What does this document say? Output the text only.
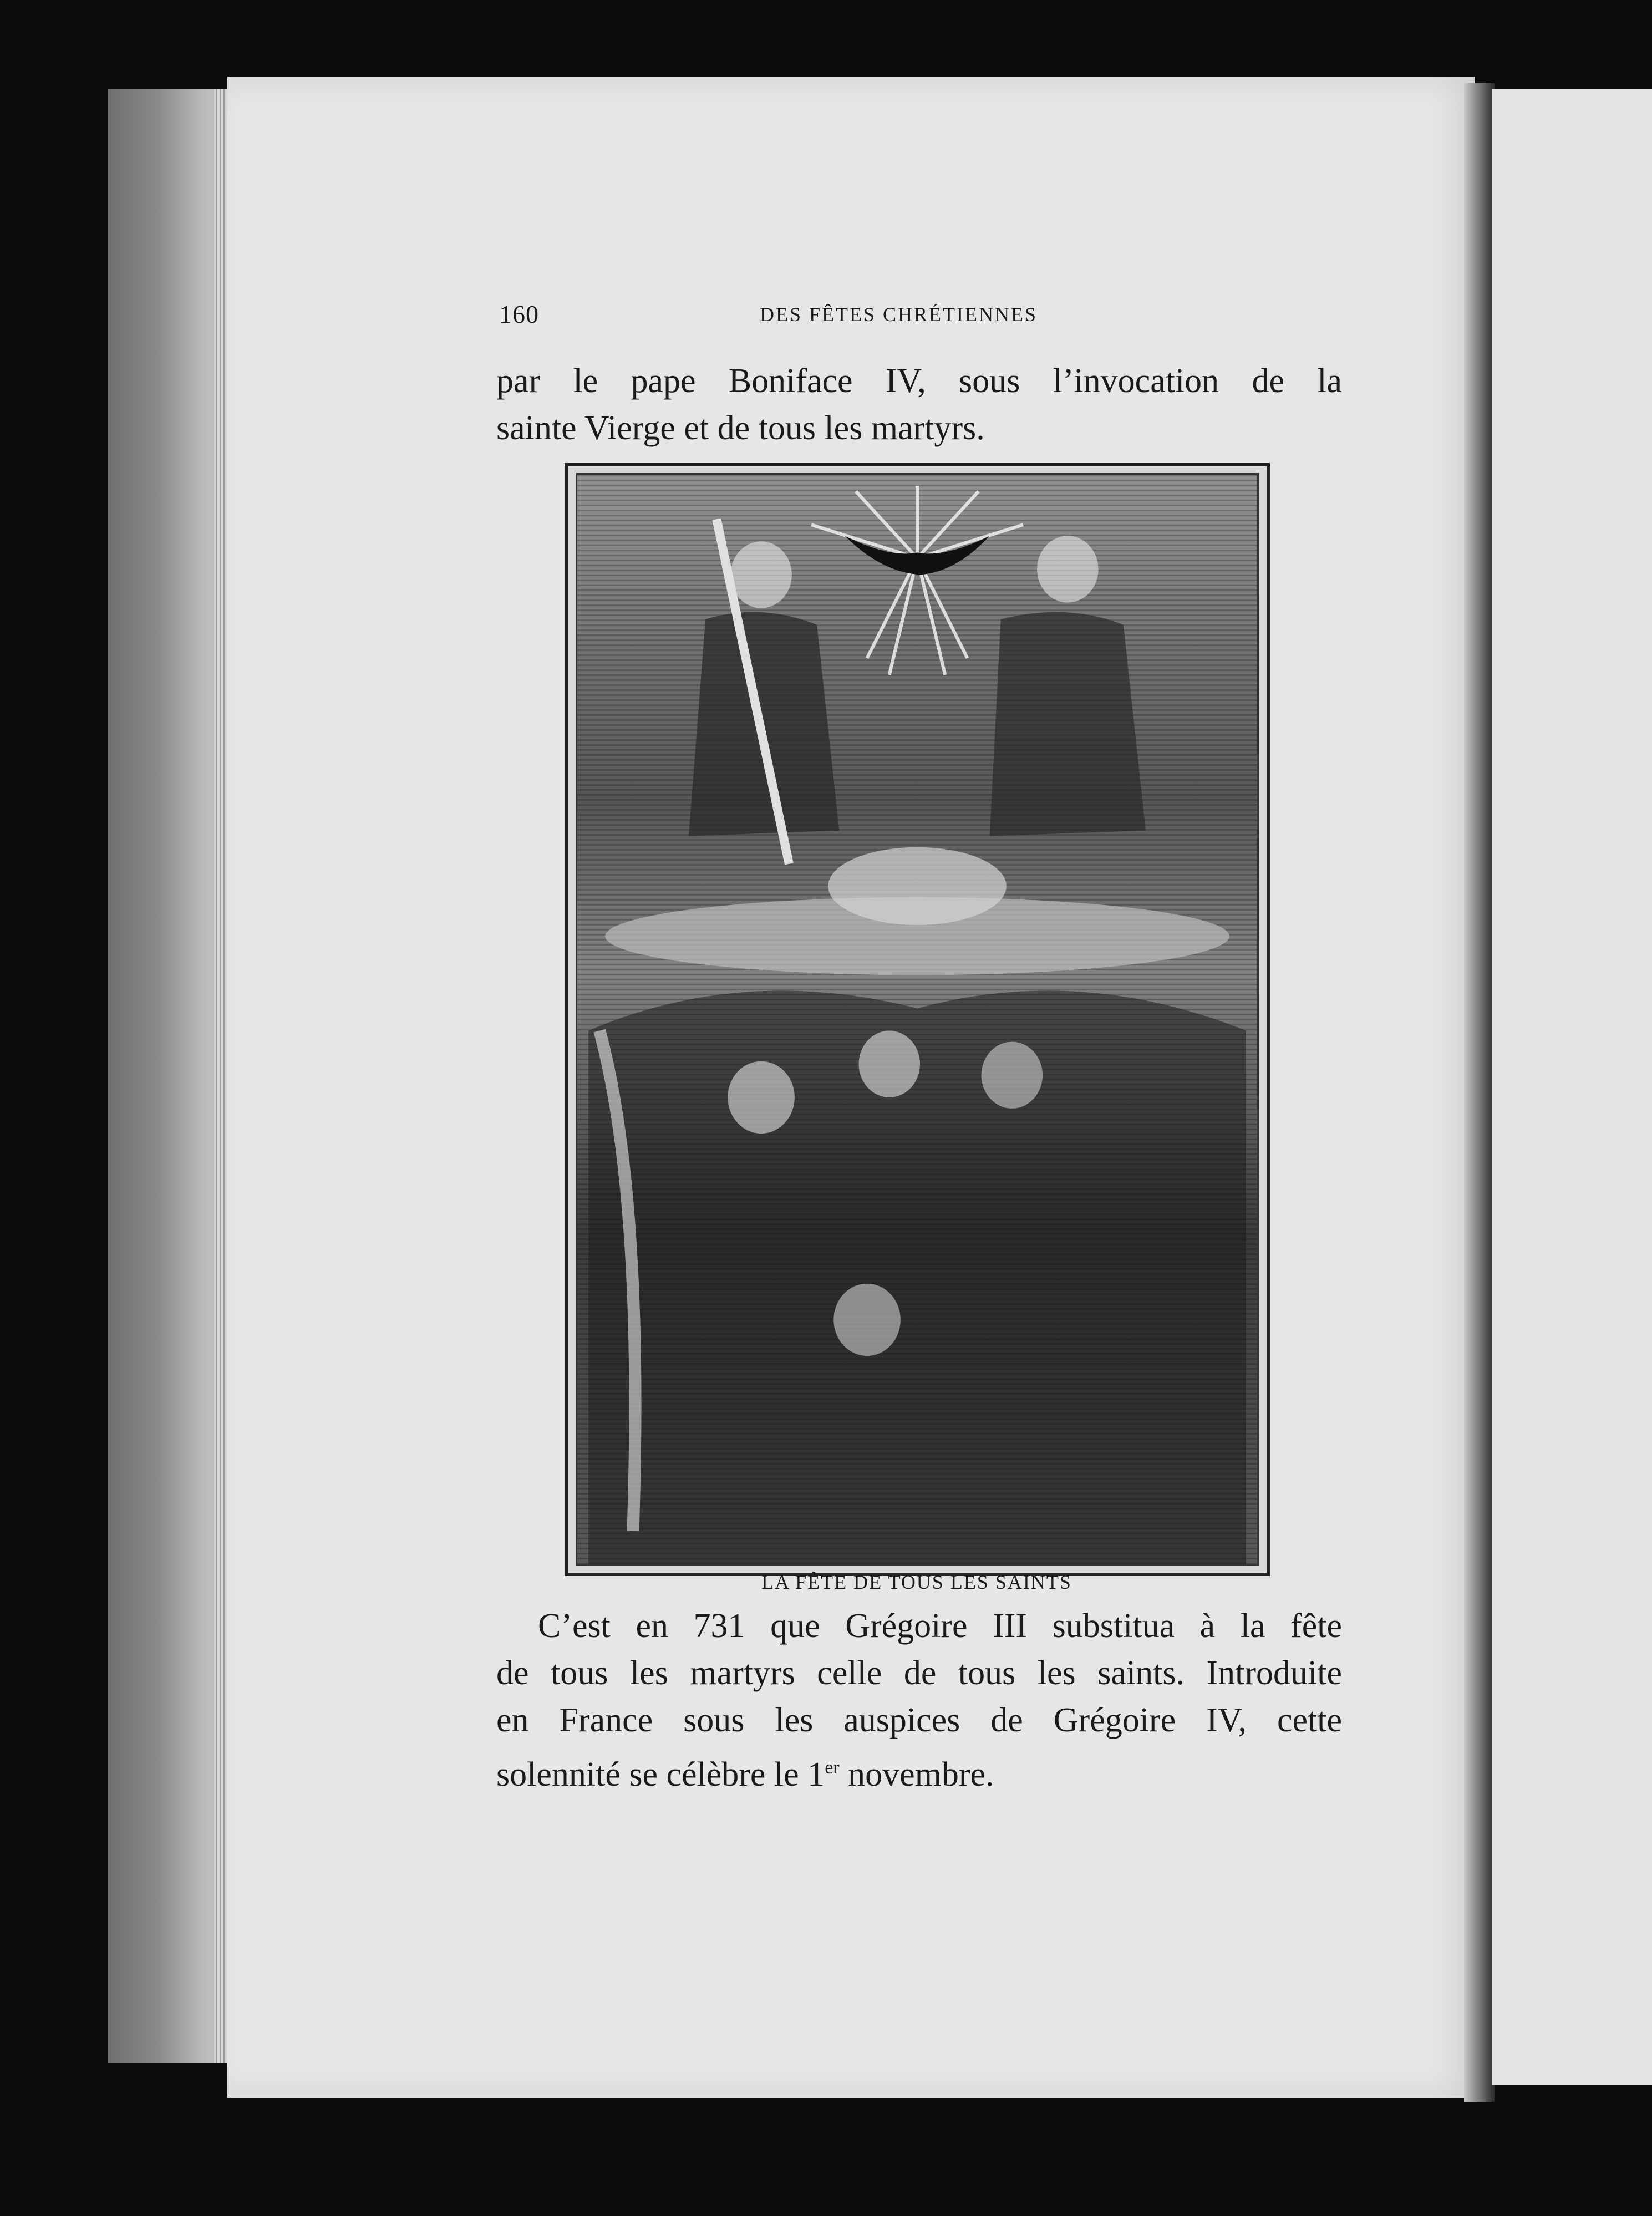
160	DES FÊTES CHRÉTIENNES
par le pape Boniface IV, sous l’invocation de la
sainte Vierge et de tous les martyrs.
LA FÊTE DE TOUS LES SAINTS
C’est en 731 que Grégoire III substitua à la fête
de tous les martyrs celle de tous les saints. Introduite
en France sous les auspices de Grégoire IV, cette
solennité se célèbre le 1er novembre.
